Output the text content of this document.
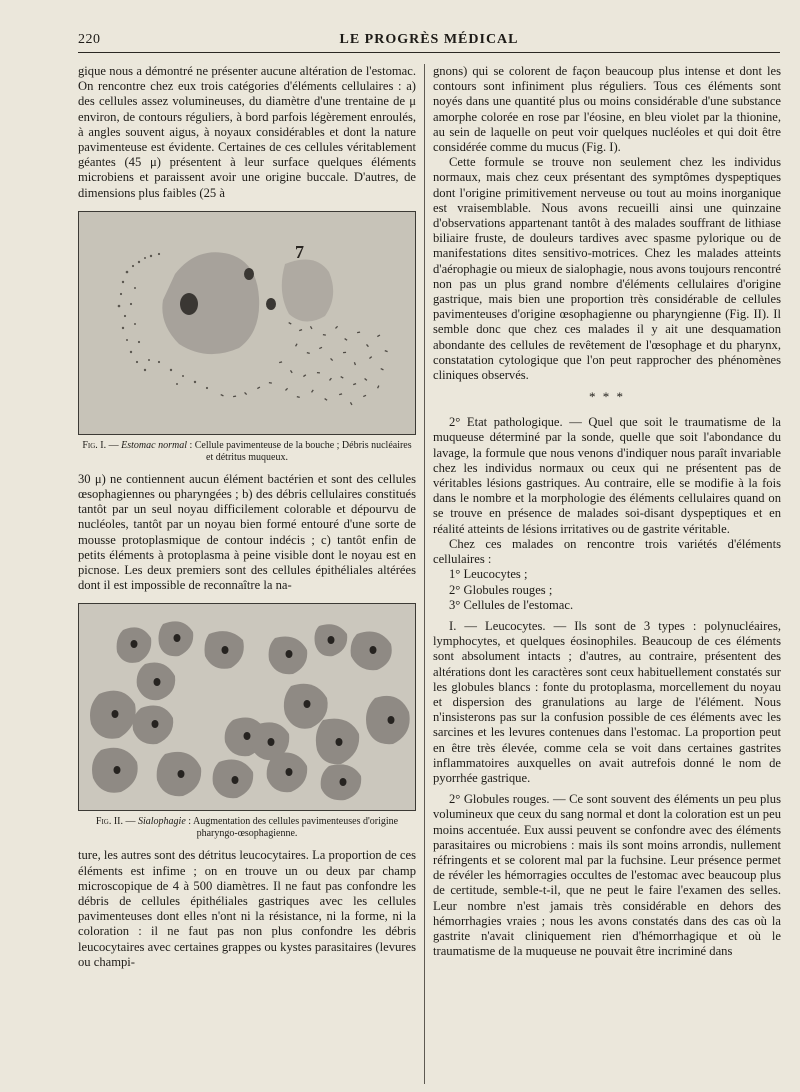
220	LE PROGRÈS MÉDICAL

gique nous a démontré ne présenter aucune altération de l'estomac. On rencontre chez eux trois catégories d'éléments cellulaires : a) des cellules assez volumineuses, du diamètre d'une trentaine de μ environ, de contours réguliers, à bord parfois légèrement enroulés, à angles souvent aigus, à noyaux considérables et dont la nature pavimenteuse est évidente. Certaines de ces cellules véritablement géantes (45 μ) présentent à leur surface quelques éléments microbiens et paraissent avoir une origine buccale. D'autres, de dimensions plus faibles (25 à

7
Fig. I. — Estomac normal : Cellule pavimenteuse de la bouche ; Débris nucléaires et détritus muqueux.

30 μ) ne contiennent aucun élément bactérien et sont des cellules œsophagiennes ou pharyngées ; b) des débris cellulaires constitués tantôt par un seul noyau difficilement colorable et dépourvu de nucléoles, tantôt par un noyau bien formé entouré d'une sorte de mousse protoplasmique de contour indécis ; c) tantôt enfin de petits éléments à protoplasma à peine visible dont le noyau est en picnose. Les deux premiers sont des cellules épithéliales altérées dont il est impossible de reconnaître la na-

Fig. II. — Sialophagie : Augmentation des cellules pavimenteuses d'origine pharyngo-œsophagienne.

ture, les autres sont des détritus leucocytaires. La proportion de ces éléments est infime ; on en trouve un ou deux par champ microscopique de 4 à 500 diamètres. Il ne faut pas confondre les débris de cellules épithéliales gastriques avec les cellules pavimenteuses dont elles n'ont ni la résistance, ni la forme, ni la coloration : il ne faut pas non plus confondre les débris leucocytaires avec certaines grappes ou kystes parasitaires (levures ou champi-

gnons) qui se colorent de façon beaucoup plus intense et dont les contours sont infiniment plus réguliers. Tous ces éléments sont noyés dans une quantité plus ou moins considérable d'une substance amorphe colorée en rose par l'éosine, en bleu violet par la thionine, au sein de laquelle on peut voir quelques nucléoles et qui doit être considérée comme du mucus (Fig. I).

Cette formule se trouve non seulement chez les individus normaux, mais chez ceux présentant des symptômes dyspeptiques dont l'origine primitivement nerveuse ou tout au moins inorganique est vraisemblable. Nous avons recueilli ainsi une quinzaine d'observations appartenant tantôt à des malades souffrant de lithiase biliaire fruste, de douleurs tardives avec spasme pylorique ou de manifestations dites sensitivo-motrices. Chez les malades atteints d'aérophagie ou mieux de sialophagie, nous avons toujours rencontré non pas un plus grand nombre d'éléments cellulaires d'origine gastrique, mais bien une proportion très considérable de cellules pavimenteuses d'origine œsophagienne ou pharyngienne (Fig. II). Il semble donc que chez ces malades il y ait une desquamation abondante des cellules de revêtement de l'œsophage et du pharynx, constatation cytologique que l'on peut rapprocher des phénomènes cliniques observés.

* * *

2° Etat pathologique. — Quel que soit le traumatisme de la muqueuse déterminé par la sonde, quelle que soit l'abondance du lavage, la formule que nous venons d'indiquer nous paraît invariable chez les individus normaux ou ceux qui ne présentent pas de véritables lésions gastriques. Au contraire, elle se modifie à la fois dans le nombre et la morphologie des éléments cellulaires quand on se trouve en présence de malades soi-disant dyspeptiques et en réalité atteints de lésions irritatives ou de gastrite véritable.

Chez ces malades on rencontre trois variétés d'éléments cellulaires :

1° Leucocytes ;

2° Globules rouges ;

3° Cellules de l'estomac.

I. — Leucocytes. — Ils sont de 3 types : polynucléaires, lymphocytes, et quelques éosinophiles. Beaucoup de ces éléments sont absolument intacts ; d'autres, au contraire, présentent des altérations dont les caractères sont ceux habituellement constatés sur les globules blancs : fonte du protoplasma, morcellement du noyau et dispersion des granulations au large de l'élément. Nous n'insisterons pas sur la confusion possible de ces éléments avec les sarcines et les levures contenues dans l'estomac. La proportion peut en être très élevée, comme cela se voit dans certaines gastrites inflammatoires auxquelles on avait autrefois donné le nom de pyorrhée gastrique.

2° Globules rouges. — Ce sont souvent des éléments un peu plus volumineux que ceux du sang normal et dont la coloration est un peu moins accentuée. Eux aussi peuvent se confondre avec des éléments parasitaires ou microbiens : mais ils sont moins arrondis, nullement réfringents et se colorent mal par la fuchsine. Leur présence permet de révéler les hémorragies occultes de l'estomac avec beaucoup plus de certitude, semble-t-il, que ne peut le faire l'examen des selles. Leur nombre n'est jamais très considérable en dehors des hémorrhagies vraies ; nous les avons constatés dans des cas où la gastrite n'avait cliniquement rien d'hémorrhagique et où le traumatisme de la muqueuse ne pouvait être incriminé dans
